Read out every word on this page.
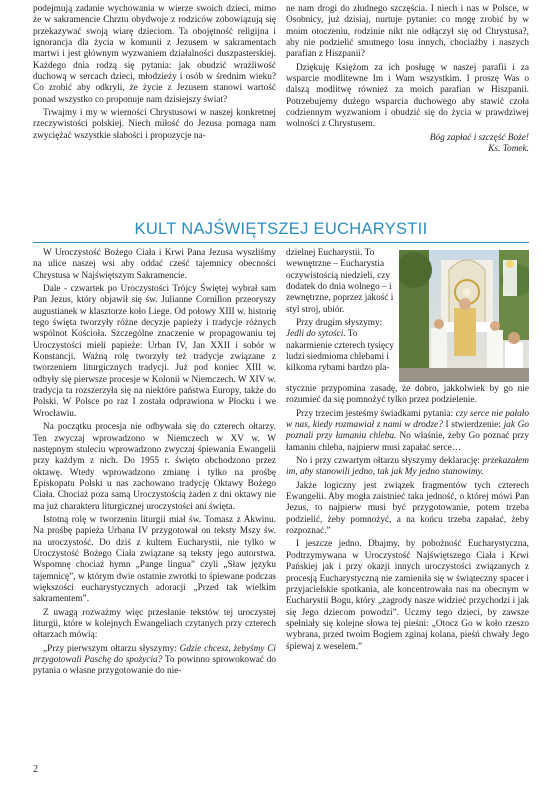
podejmują zadanie wychowania w wierze swoich dzieci, mimo że w sakramencie Chrztu obydwoje z rodziców zobowiązują się przekazywać swoją wiarę dzieciom. Ta obojętność religijna i ignorancja dla życia w komunii z Jezusem w sakramentach martwi i jest głównym wyzwaniem działalności duszpasterskiej. Każdego dnia rodzą się pytania: jak obudzić wrażliwość duchową w sercach dzieci, młodzieży i osób w średnim wieku? Co zrobić aby odkryli, że życie z Jezusem stanowi wartość ponad wszystko co proponuje nam dzisiejszy świat?

Trwajmy i my w wierności Chrystusowi w naszej konkretnej rzeczywistości polskiej. Niech miłość do Jezusa pomaga nam zwyciężać wszystkie słabości i propozycje na-

ne nam drogi do złudnego szczęścia. I niech i nas w Polsce, w Osobnicy, już dzisiaj, nurtuje pytanie: co mogę zrobić by w moim otoczeniu, rodzinie nikt nie odłączył się od Chrystusa?, aby nie podzielić smutnego losu innych, chociażby i naszych parafian z Hiszpanii?

Dziękuję Księżom za ich posługę w naszej parafii i za wsparcie modlitewne Im i Wam wszystkim. I proszę Was o dalszą modlitwę również za moich parafian w Hiszpanii. Potrzebujemy dużego wsparcia duchowego aby stawić czoła codziennym wyzwaniom i obudzić się do życia w prawdziwej wolności z Chrystusem.

Bóg zapłać i szczęść Boże!

Ks. Tomek.

KULT NAJŚWIĘTSZEJ EUCHARYSTII

W Uroczystość Bożego Ciała i Krwi Pana Jezusa wyszliśmy na ulice naszej wsi aby oddać cześć tajemnicy obecności Chrystusa w Najświętszym Sakramencie.

Dale - czwartek po Uroczystości Trójcy Świętej wybrał sam Pan Jezus, który objawił się św. Julianne Cornillon przeoryszy augustianek w klasztorze koło Liege. Od połowy XIII w. historię tego święta tworzyły różne decyzje papieży i tradycje różnych wspólnot Kościoła. Szczególne znaczenie w propagowaniu tej Uroczystości mieli papieże: Urban IV, Jan XXII i sobór w Konstancji. Ważną rolę tworzyły też tradycje związane z tworzeniem liturgicznych tradycji. Już pod koniec XIII w. odbyły się pierwsze procesje w Kolonii w Niemczech. W XIV w. tradycja ta rozszerzyła się na niektóre państwa Europy, także do Polski. W Polsce po raz I została odprawiona w Płocku i we Wrocławiu.

Na początku procesja nie odbywała się do czterech ołtarzy. Ten zwyczaj wprowadzono w Niemczech w XV w. W następnym stuleciu wprowadzono zwyczaj śpiewania Ewangelii przy każdym z nich. Do 1955 r. święto obchodzono przez oktawę. Wtedy wprowadzono zmianę i tylko na prośbę Episkopatu Polski u nas zachowano tradycję Oktawy Bożego Ciała. Chociaż poza samą Uroczystością żaden z dni oktawy nie ma już charakteru liturgicznej uroczystości ani święta.

Istotną rolę w tworzeniu liturgii miał św. Tomasz z Akwinu. Na prośbę papieża Urbana IV przygotował on teksty Mszy św. na uroczystość. Do dziś z kultem Eucharystii, nie tylko w Uroczystość Bożego Ciała związane są teksty jego autorstwa. Wspomnę chociaż hymn „Pange lingua” czyli „Sław języku tajemnicę”, w którym dwie ostatnie zwrotki to śpiewane podczas większości eucharystycznych adoracji „Przed tak wielkim sakramentem”.

Z uwagą rozważmy więc przesłanie tekstów tej uroczystej liturgii, które w kolejnych Ewangeliach czytanych przy czterech ołtarzach mówią:

„Przy pierwszym ołtarzu słyszymy: Gdzie chcesz, żebyśmy Ci przygotowali Paschę do spożycia? To powinno sprowokować do pytania o własne przygotowanie do nie-

dzielnej Eucharystii. To wewnętrzne – Eucharystia oczywistością niedzieli, czy dodatek do dnia wolnego – i zewnętrzne, poprzez jakość i styl stroj, ubiór.

Przy drugim słyszymy: Jedli do sytości. To nakarmienie czterech tysięcy ludzi siedmioma chlebami i kilkoma rybami bardzo pla-

stycznie przypomina zasadę, że dobro, jakkolwiek by go nie rozumieć da się pomnożyć tylko przez podzielenie.

Przy trzecim jesteśmy świadkami pytania: czy serce nie pałało w nas, kiedy rozmawiał z nami w drodze? I stwierdzenie: jak Go poznali przy łamaniu chleba. No właśnie, żeby Go poznać przy łamaniu chleba, najpierw musi zapałać serce…

No i przy czwartym ołtarzu słyszymy deklarację: przekazałem im, aby stanowili jedno, tak jak My jedno stanowimy.

Jakże logiczny jest związek fragmentów tych czterech Ewangelii. Aby mogła zaistnieć taka jedność, o której mówi Pan Jezus, to najpierw musi być przygotowanie, potem trzeba podzielić, żeby pomnożyć, a na końcu trzeba zapałać, żeby rozpoznać.”

I jeszcze jedno. Dbajmy, by pobożność Eucharystyczna, Podtrzymywana w Uroczystość Najświętszego Ciała i Krwi Pańskiej jak i przy okazji innych uroczystości związanych z procesją Eucharystyczną nie zamieniła się w świąteczny spacer i przyjacielskie spotkania, ale koncentrowała nas na obecnym w Eucharystii Bogu, który „zagrody nasze widzieć przychodzi i jak się Jego dziecom powodzi”. Uczmy tego dzieci, by zawsze spełniały się kolejne słowa tej pieśni: „Otocz Go w koło rzeszo wybrana, przed twoim Bogiem zginaj kolana, pieśń chwały Jego śpiewaj z weselem.”

2
